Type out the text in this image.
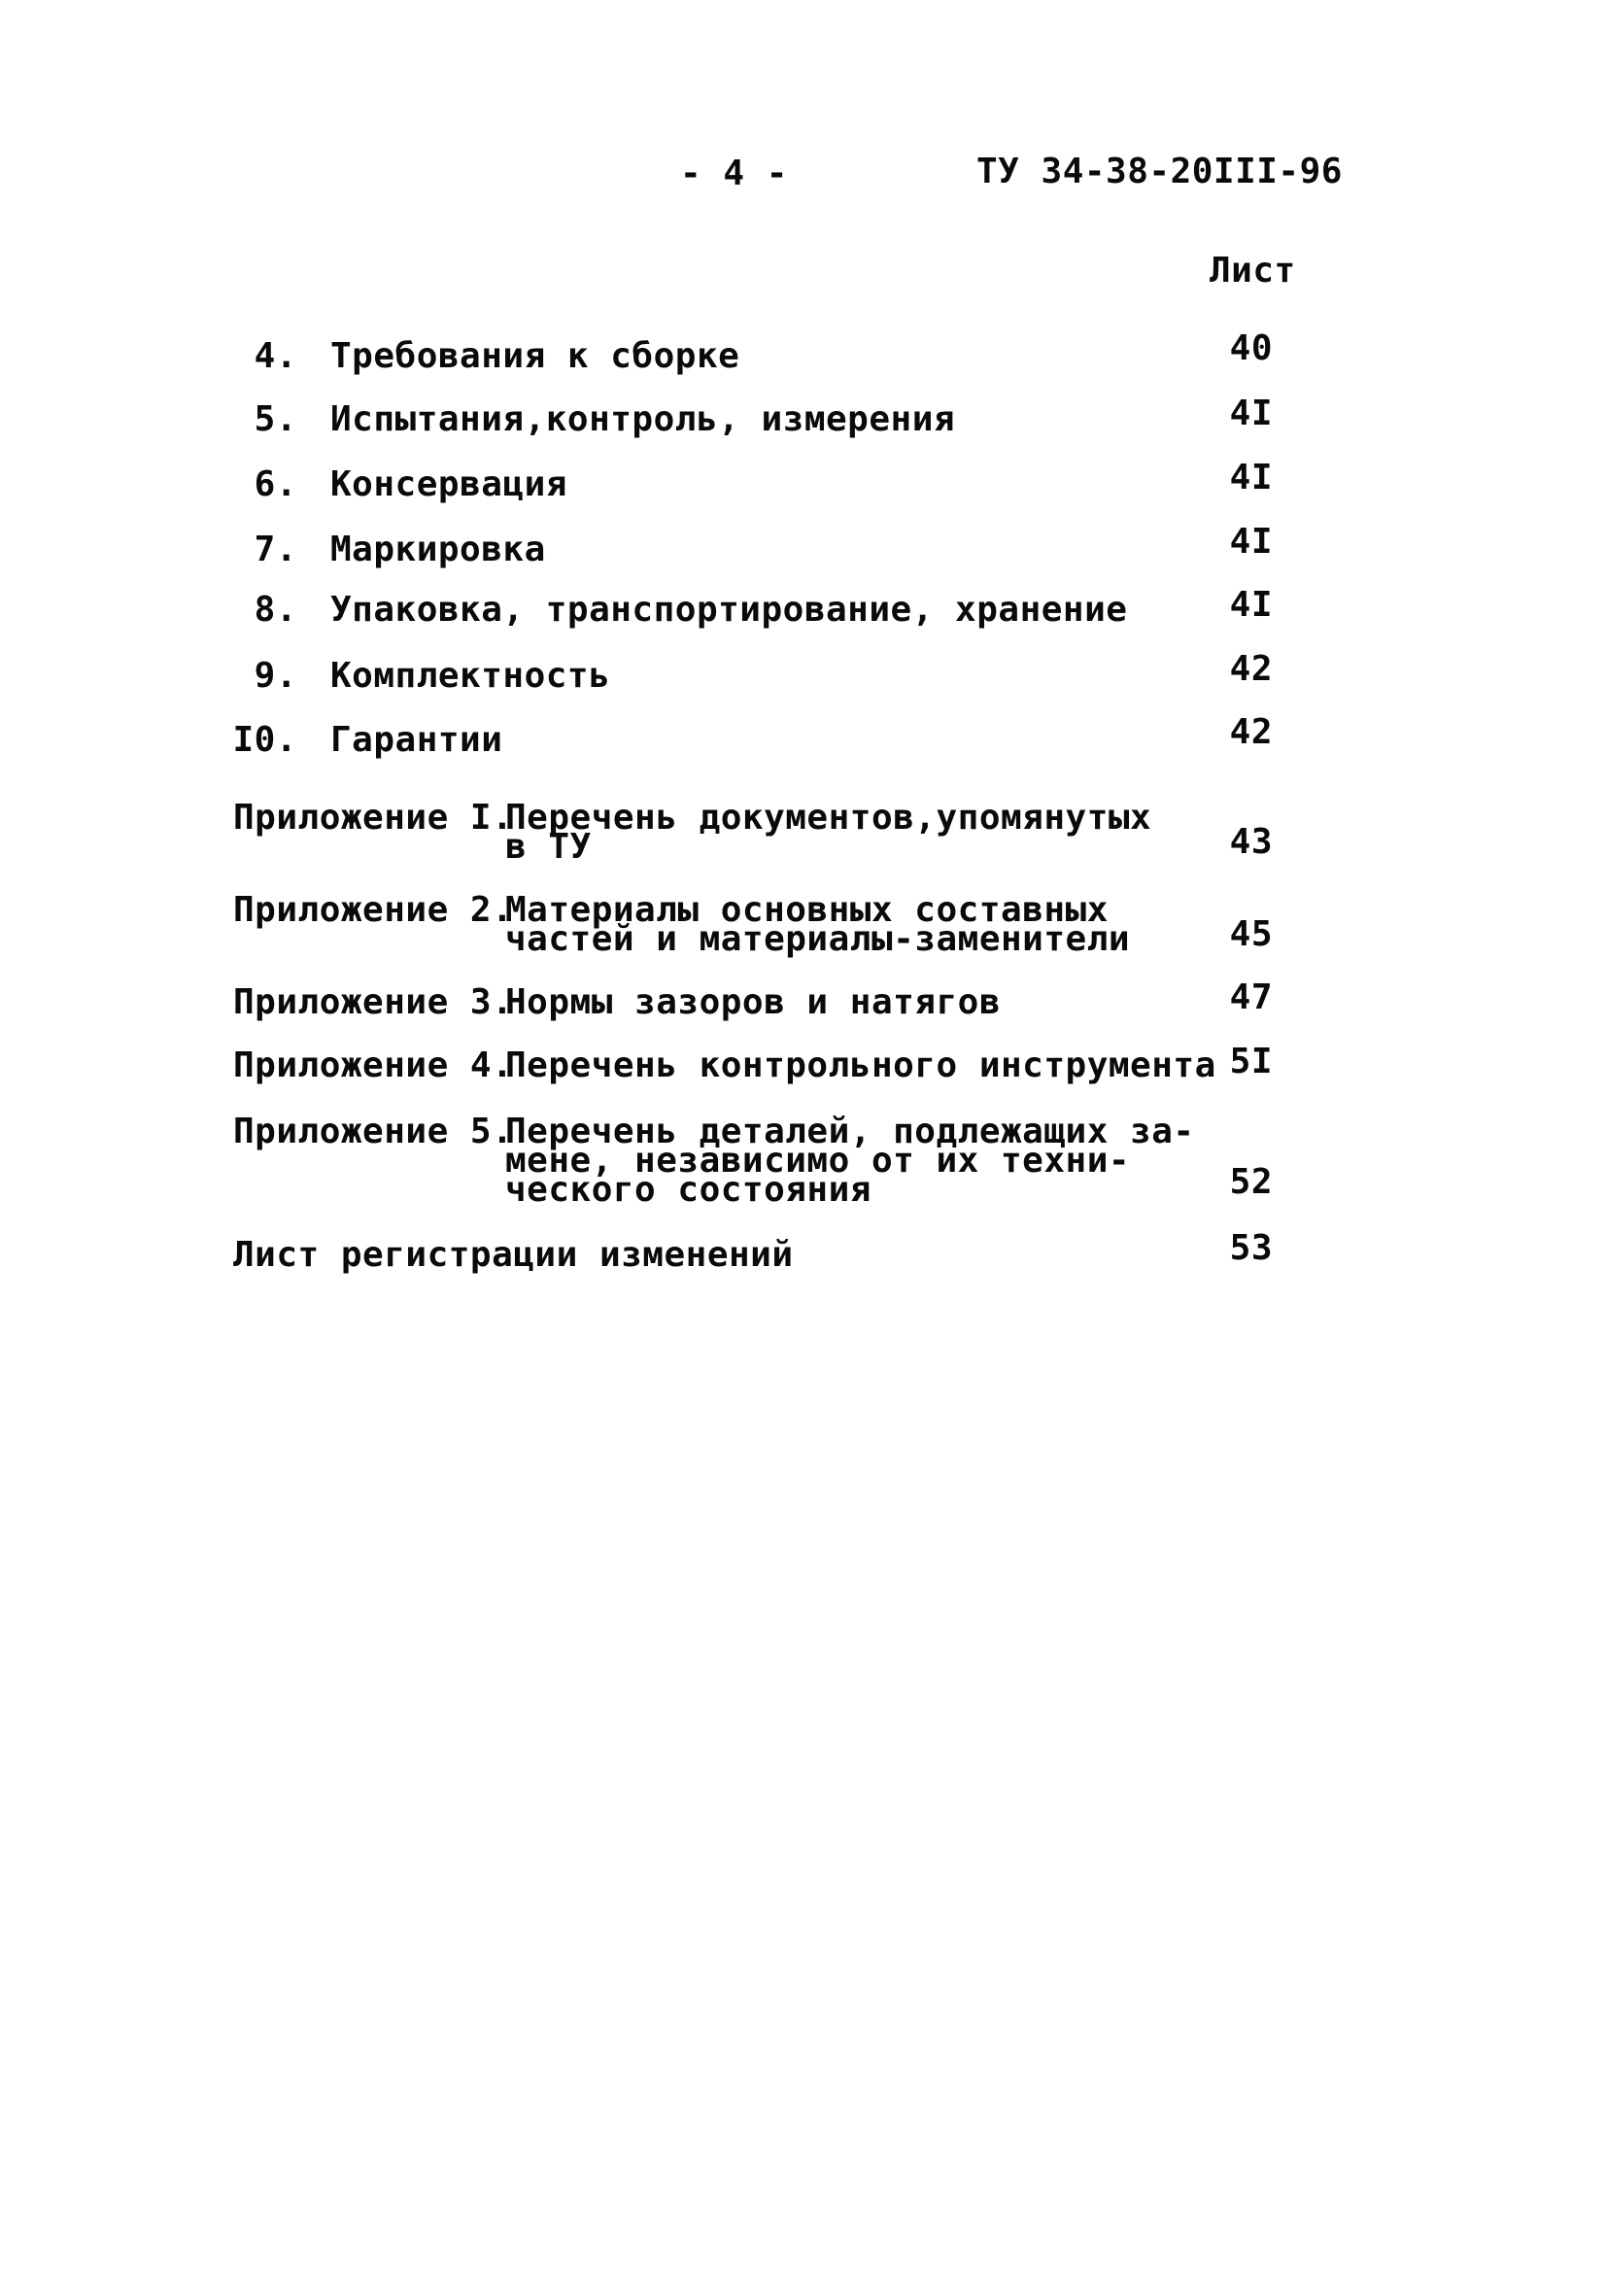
- 4 -	ТУ 34-38-20III-96
Лист
4. Требования к сборке	40
5. Испытания,контроль, измерения	4I
6. Консервация	4I
7. Маркировка	4I
8. Упаковка, транспортирование, хранение	4I
9. Комплектность	42
I0. Гарантии	42
Приложение I.
Перечень документов,упомянутых
в ТУ	43
Приложение 2.
Материалы основных составных
частей и материалы-заменители	45
Приложение 3.
Нормы зазоров и натягов	47
Приложение 4.
Перечень контрольного инструмента 5I
Приложение 5.
Перечень деталей, подлежащих за-
мене, независимо от их техни-
ческого состояния	52
Лист регистрации изменений	53
